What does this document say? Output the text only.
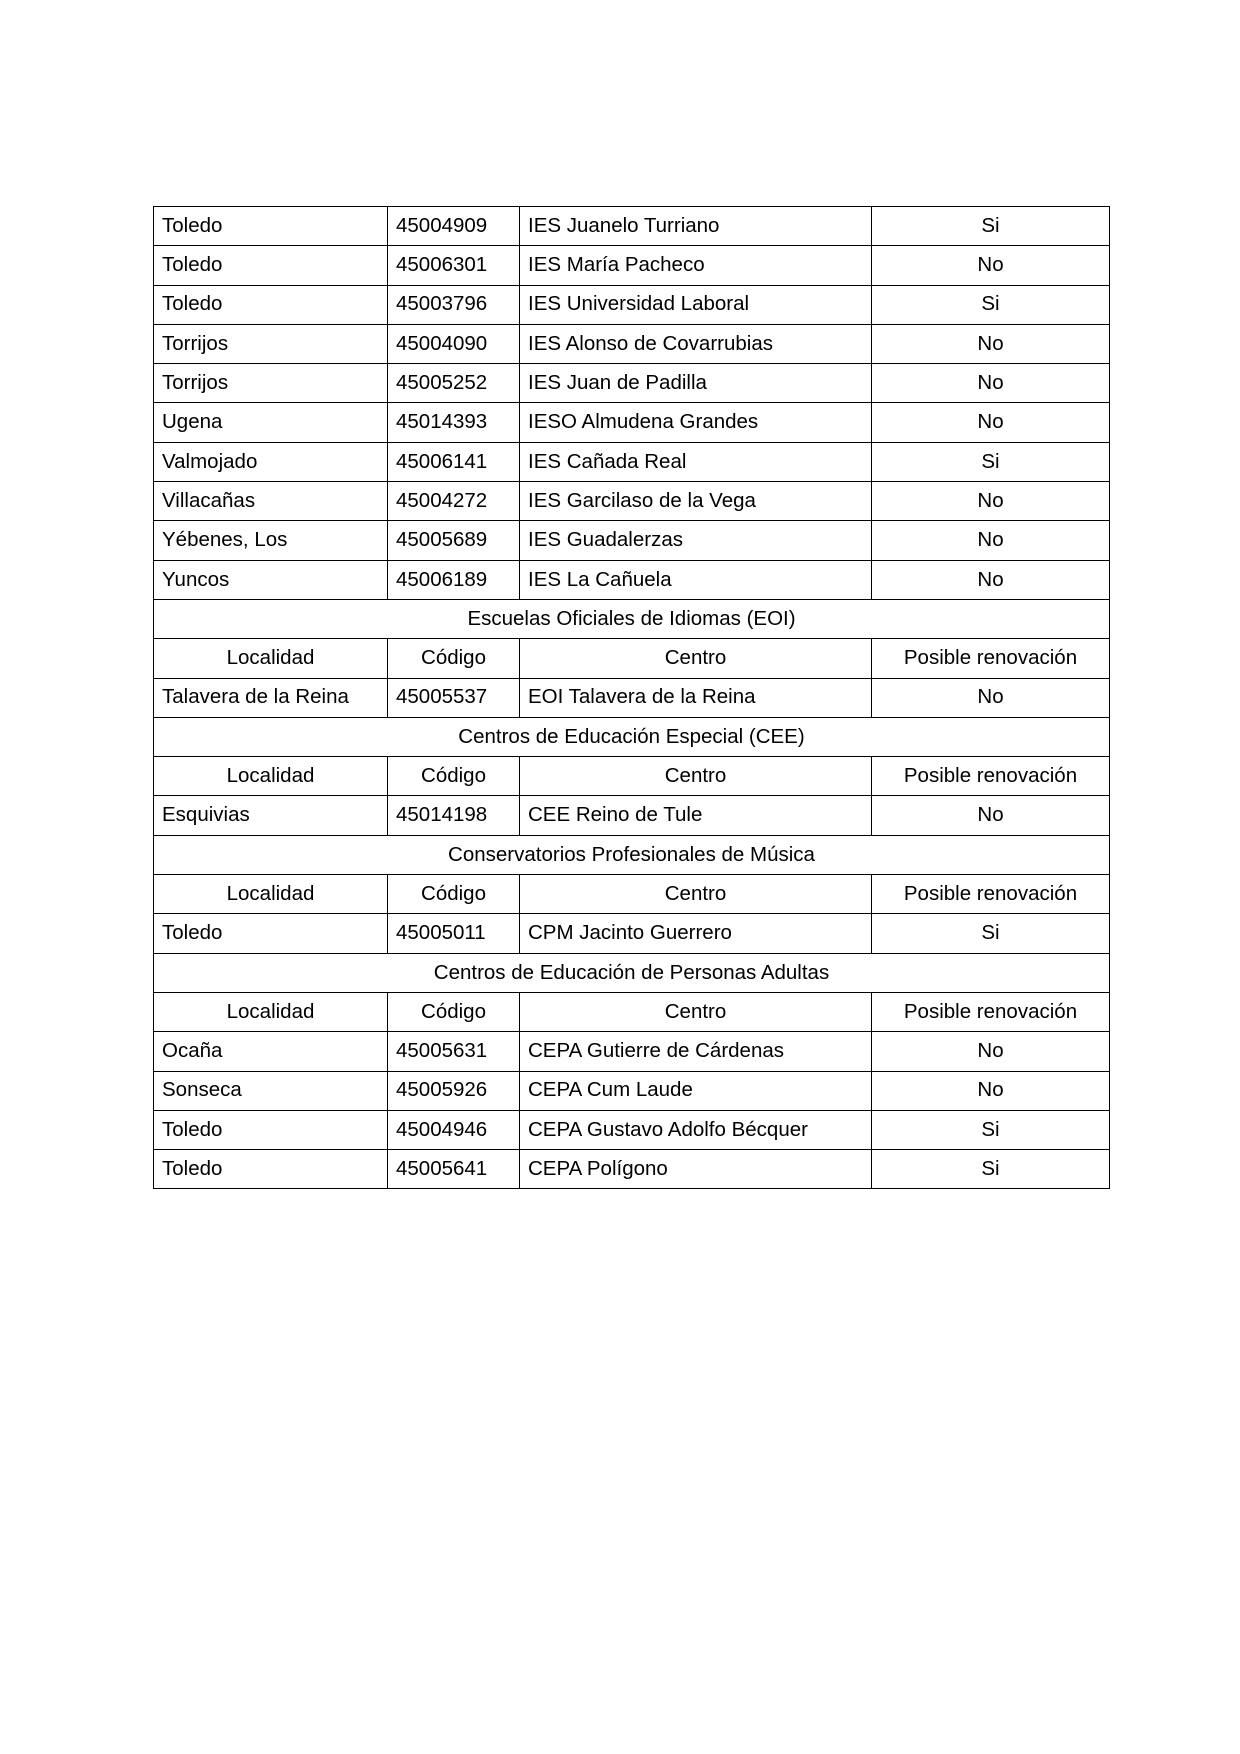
Toledo	45004909	IES Juanelo Turriano	Si
Toledo	45006301	IES María Pacheco	No
Toledo	45003796	IES Universidad Laboral	Si
Torrijos	45004090	IES Alonso de Covarrubias	No
Torrijos	45005252	IES Juan de Padilla	No
Ugena	45014393	IESO Almudena Grandes	No
Valmojado	45006141	IES Cañada Real	Si
Villacañas	45004272	IES Garcilaso de la Vega	No
Yébenes, Los	45005689	IES Guadalerzas	No
Yuncos	45006189	IES La Cañuela	No
Escuelas Oficiales de Idiomas (EOI)			
Localidad	Código	Centro	Posible renovación
Talavera de la Reina	45005537	EOI Talavera de la Reina	No
Centros de Educación Especial (CEE)			
Localidad	Código	Centro	Posible renovación
Esquivias	45014198	CEE Reino de Tule	No
Conservatorios Profesionales de Música			
Localidad	Código	Centro	Posible renovación
Toledo	45005011	CPM Jacinto Guerrero	Si
Centros de Educación de Personas Adultas			
Localidad	Código	Centro	Posible renovación
Ocaña	45005631	CEPA Gutierre de Cárdenas	No
Sonseca	45005926	CEPA Cum Laude	No
Toledo	45004946	CEPA Gustavo Adolfo Bécquer	Si
Toledo	45005641	CEPA Polígono	Si
